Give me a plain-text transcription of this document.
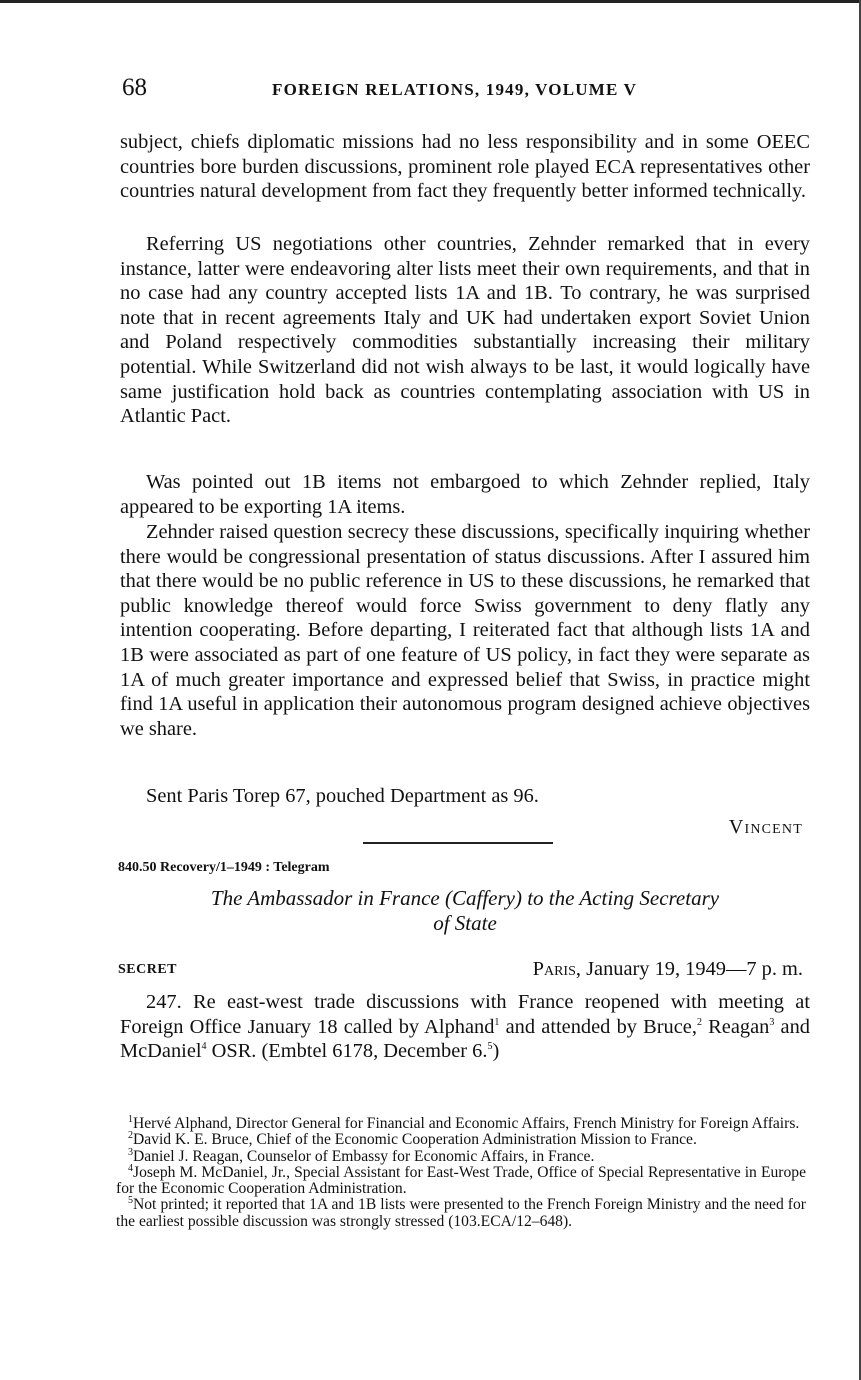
68	FOREIGN RELATIONS, 1949, VOLUME V
subject, chiefs diplomatic missions had no less responsibility and in some OEEC countries bore burden discussions, prominent role played ECA representatives other countries natural development from fact they frequently better informed technically.
Referring US negotiations other countries, Zehnder remarked that in every instance, latter were endeavoring alter lists meet their own requirements, and that in no case had any country accepted lists 1A and 1B. To contrary, he was surprised note that in recent agreements Italy and UK had undertaken export Soviet Union and Poland respectively commodities substantially increasing their military potential. While Switzerland did not wish always to be last, it would logically have same justification hold back as countries contemplating association with US in Atlantic Pact.
Was pointed out 1B items not embargoed to which Zehnder replied, Italy appeared to be exporting 1A items.
Zehnder raised question secrecy these discussions, specifically inquiring whether there would be congressional presentation of status discussions. After I assured him that there would be no public reference in US to these discussions, he remarked that public knowledge thereof would force Swiss government to deny flatly any intention cooperating. Before departing, I reiterated fact that although lists 1A and 1B were associated as part of one feature of US policy, in fact they were separate as 1A of much greater importance and expressed belief that Swiss, in practice might find 1A useful in application their autonomous program designed achieve objectives we share.
Sent Paris Torep 67, pouched Department as 96.
Vincent
840.50 Recovery/1–1949 : Telegram
The Ambassador in France (Caffery) to the Acting Secretary
of State
SECRET	Paris, January 19, 1949—7 p. m.
247. Re east-west trade discussions with France reopened with meeting at Foreign Office January 18 called by Alphand$^1$ and attended by Bruce,$^2$ Reagan$^3$ and McDaniel$^4$ OSR. (Embtel 6178, December 6.$^5$)

$^1$Hervé Alphand, Director General for Financial and Economic Affairs, French Ministry for Foreign Affairs.

$^2$David K. E. Bruce, Chief of the Economic Cooperation Administration Mission to France.

$^3$Daniel J. Reagan, Counselor of Embassy for Economic Affairs, in France.

$^4$Joseph M. McDaniel, Jr., Special Assistant for East-West Trade, Office of Special Representative in Europe for the Economic Cooperation Administration.

$^5$Not printed; it reported that 1A and 1B lists were presented to the French Foreign Ministry and the need for the earliest possible discussion was strongly stressed (103.ECA/12–648).
